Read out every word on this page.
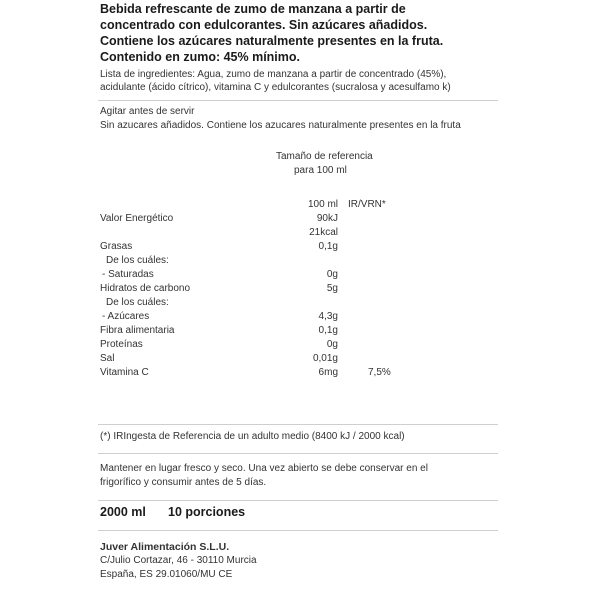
Bebida refrescante de zumo de manzana a partir de
concentrado con edulcorantes. Sin azúcares añadidos.
Contiene los azúcares naturalmente presentes en la fruta.
Contenido en zumo: 45% mínimo.
Lista de ingredientes: Agua, zumo de manzana a partir de concentrado (45%),
acidulante (ácido cítrico), vitamina C y edulcorantes (sucralosa y acesulfamo k)
Agitar antes de servir
Sin azucares añadidos. Contiene los azucares naturalmente presentes en la fruta
Tamaño de referencia
para 100 ml
100 ml IR/VRN*
Valor Energético	90kJ
21kcal
Grasas	0,1g
De los cuáles:
- Saturadas	0g
Hidratos de carbono	5g
De los cuáles:
- Azúcares	4,3g
Fibra alimentaria	0,1g
Proteínas	0g
Sal	0,01g
Vitamina C	6mg	7,5%
(*) IRIngesta de Referencia de un adulto medio (8400 kJ / 2000 kcal)
Mantener en lugar fresco y seco. Una vez abierto se debe conservar en el
frigorífico y consumir antes de 5 días.
2000 ml 10 porciones
Juver Alimentación S.L.U.
C/Julio Cortazar, 46 - 30110 Murcia
España, ES 29.01060/MU CE
